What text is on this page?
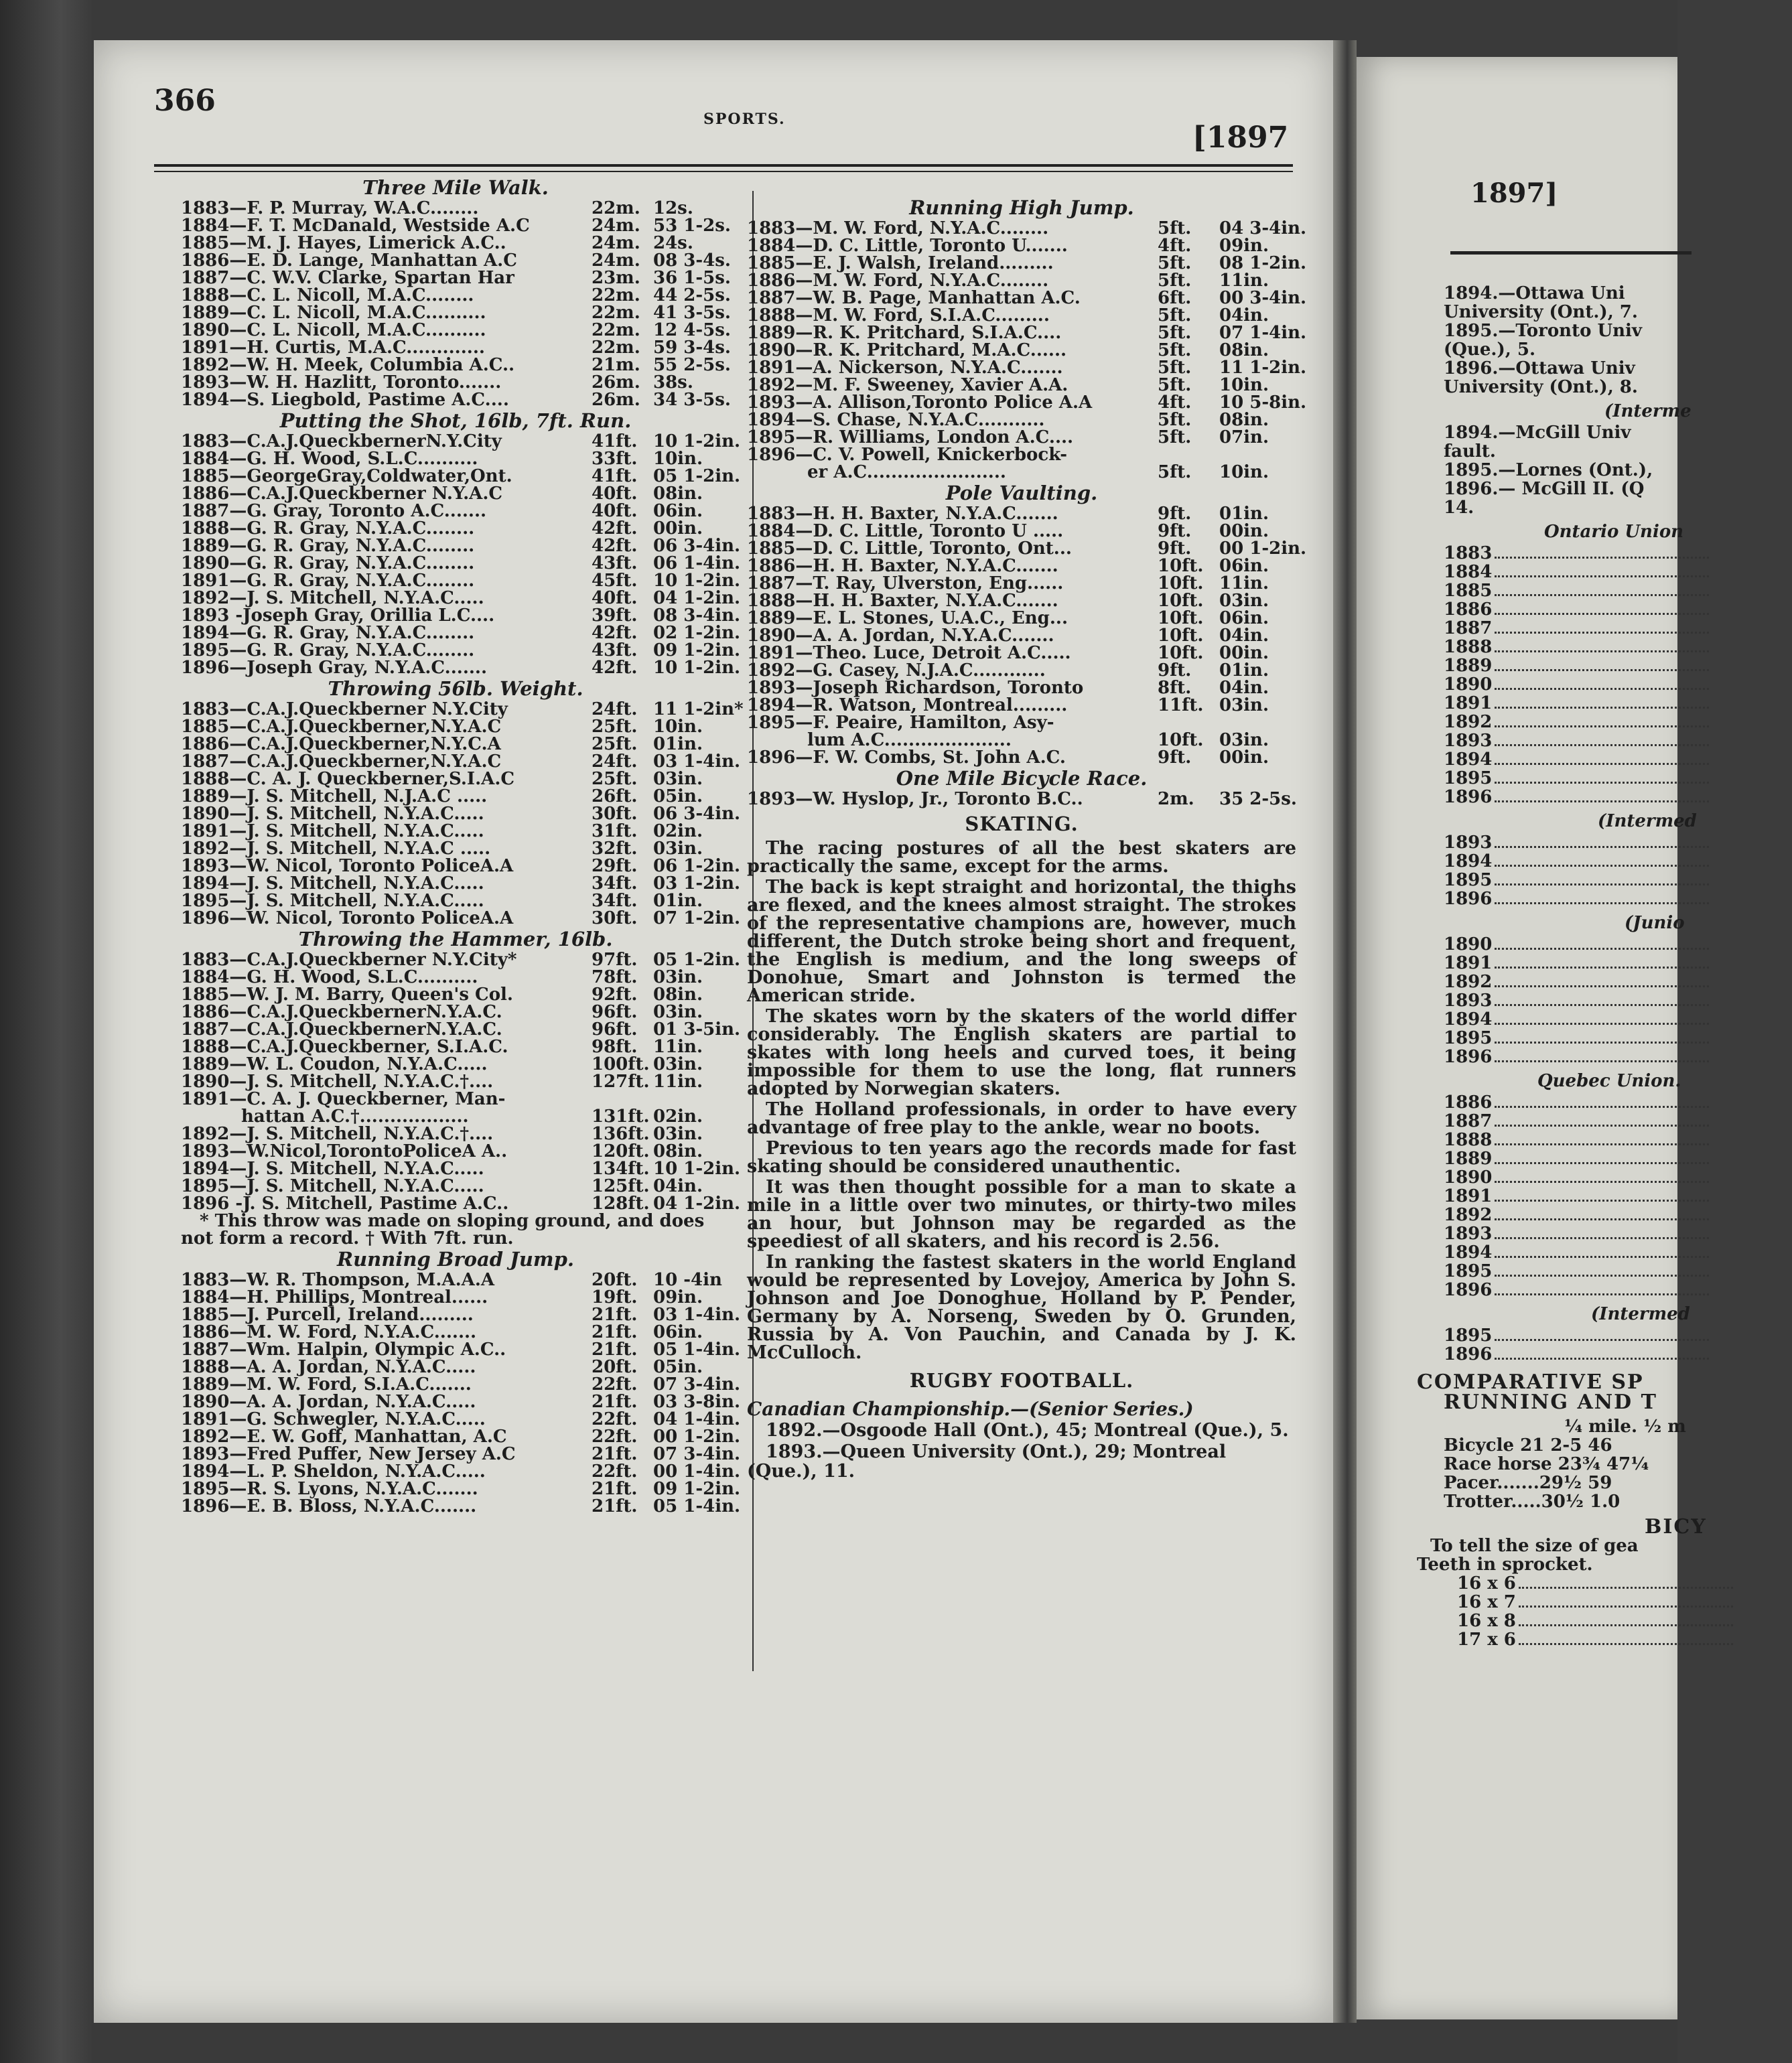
366
SPORTS.
[1897
Three Mile Walk.
1883—F. P. Murray, W.A.C........	22m. 12s.
1884—F. T. McDanald, Westside A.C	24m. 53 1-2s.
1885—M. J. Hayes, Limerick A.C..	24m. 24s.
1886—E. D. Lange, Manhattan A.C	24m. 08 3-4s.
1887—C. W.V. Clarke, Spartan Har	23m. 36 1-5s.
1888—C. L. Nicoll, M.A.C........	22m. 44 2-5s.
1889—C. L. Nicoll, M.A.C..........	22m. 41 3-5s.
1890—C. L. Nicoll, M.A.C..........	22m. 12 4-5s.
1891—H. Curtis, M.A.C.............	22m. 59 3-4s.
1892—W. H. Meek, Columbia A.C..	21m. 55 2-5s.
1893—W. H. Hazlitt, Toronto.......	26m. 38s.
1894—S. Liegbold, Pastime A.C....	26m. 34 3-5s.
Putting the Shot, 16lb, 7ft. Run.
1883—C.A.J.QueckbernerN.Y.City	41ft. 10 1-2in.
1884—G. H. Wood, S.L.C..........	33ft. 10in.
1885—GeorgeGray,Coldwater,Ont.	41ft. 05 1-2in.
1886—C.A.J.Queckberner N.Y.A.C	40ft. 08in.
1887—G. Gray, Toronto A.C.......	40ft. 06in.
1888—G. R. Gray, N.Y.A.C........	42ft. 00in.
1889—G. R. Gray, N.Y.A.C........	42ft. 06 3-4in.
1890—G. R. Gray, N.Y.A.C........	43ft. 06 1-4in.
1891—G. R. Gray, N.Y.A.C........	45ft. 10 1-2in.
1892—J. S. Mitchell, N.Y.A.C.....	40ft. 04 1-2in.
1893 -Joseph Gray, Orillia L.C....	39ft. 08 3-4in.
1894—G. R. Gray, N.Y.A.C........	42ft. 02 1-2in.
1895—G. R. Gray, N.Y.A.C........	43ft. 09 1-2in.
1896—Joseph Gray, N.Y.A.C.......	42ft. 10 1-2in.
Throwing 56lb. Weight.
1883—C.A.J.Queckberner N.Y.City	24ft. 11 1-2in*
1885—C.A.J.Queckberner,N.Y.A.C	25ft. 10in.
1886—C.A.J.Queckberner,N.Y.C.A	25ft. 01in.
1887—C.A.J.Queckberner,N.Y.A.C	24ft. 03 1-4in.
1888—C. A. J. Queckberner,S.I.A.C	25ft. 03in.
1889—J. S. Mitchell, N.J.A.C .....	26ft. 05in.
1890—J. S. Mitchell, N.Y.A.C.....	30ft. 06 3-4in.
1891—J. S. Mitchell, N.Y.A.C.....	31ft. 02in.
1892—J. S. Mitchell, N.Y.A.C .....	32ft. 03in.
1893—W. Nicol, Toronto PoliceA.A	29ft. 06 1-2in.
1894—J. S. Mitchell, N.Y.A.C.....	34ft. 03 1-2in.
1895—J. S. Mitchell, N.Y.A.C.....	34ft. 01in.
1896—W. Nicol, Toronto PoliceA.A	30ft. 07 1-2in.
Throwing the Hammer, 16lb.
1883—C.A.J.Queckberner N.Y.City*	97ft. 05 1-2in.
1884—G. H. Wood, S.L.C..........	78ft. 03in.
1885—W. J. M. Barry, Queen's Col.	92ft. 08in.
1886—C.A.J.QueckbernerN.Y.A.C.	96ft. 03in.
1887—C.A.J.QueckbernerN.Y.A.C.	96ft. 01 3-5in.
1888—C.A.J.Queckberner, S.I.A.C.	98ft. 11in.
1889—W. L. Coudon, N.Y.A.C.....	100ft. 03in.
1890—J. S. Mitchell, N.Y.A.C.†....	127ft. 11in.
1891—C. A. J. Queckberner, Man-
hattan A.C.†..................	131ft. 02in.
1892—J. S. Mitchell, N.Y.A.C.†....	136ft. 03in.
1893—W.Nicol,TorontoPoliceA A..	120ft. 08in.
1894—J. S. Mitchell, N.Y.A.C.....	134ft. 10 1-2in.
1895—J. S. Mitchell, N.Y.A.C.....	125ft. 04in.
1896 -J. S. Mitchell, Pastime A.C..	128ft. 04 1-2in.
* This throw was made on sloping ground, and does not form a record. † With 7ft. run.
Running Broad Jump.
1883—W. R. Thompson, M.A.A.A	20ft. 10 -4in
1884—H. Phillips, Montreal......	19ft. 09in.
1885—J. Purcell, Ireland.........	21ft. 03 1-4in.
1886—M. W. Ford, N.Y.A.C.......	21ft. 06in.
1887—Wm. Halpin, Olympic A.C..	21ft. 05 1-4in.
1888—A. A. Jordan, N.Y.A.C.....	20ft. 05in.
1889—M. W. Ford, S.I.A.C.......	22ft. 07 3-4in.
1890—A. A. Jordan, N.Y.A.C.....	21ft. 03 3-8in.
1891—G. Schwegler, N.Y.A.C.....	22ft. 04 1-4in.
1892—E. W. Goff, Manhattan, A.C	22ft. 00 1-2in.
1893—Fred Puffer, New Jersey A.C	21ft. 07 3-4in.
1894—L. P. Sheldon, N.Y.A.C.....	22ft. 00 1-4in.
1895—R. S. Lyons, N.Y.A.C.......	21ft. 09 1-2in.
1896—E. B. Bloss, N.Y.A.C.......	21ft. 05 1-4in.
Running High Jump.
1883—M. W. Ford, N.Y.A.C........	5ft.	04 3-4in.
1884—D. C. Little, Toronto U.......	4ft.	09in.
1885—E. J. Walsh, Ireland.........	5ft.	08 1-2in.
1886—M. W. Ford, N.Y.A.C........	5ft.	11in.
1887—W. B. Page, Manhattan A.C.	6ft.	00 3-4in.
1888—M. W. Ford, S.I.A.C.........	5ft.	04in.
1889—R. K. Pritchard, S.I.A.C....	5ft.	07 1-4in.
1890—R. K. Pritchard, M.A.C......	5ft.	08in.
1891—A. Nickerson, N.Y.A.C.......	5ft.	11 1-2in.
1892—M. F. Sweeney, Xavier A.A.	5ft.	10in.
1893—A. Allison,Toronto Police A.A	4ft.	10 5-8in.
1894—S. Chase, N.Y.A.C...........	5ft.	08in.
1895—R. Williams, London A.C....	5ft.	07in.
1896—C. V. Powell, Knickerbock-
er A.C.......................	5ft.	10in.
Pole Vaulting.
1883—H. H. Baxter, N.Y.A.C.......	9ft.	01in.
1884—D. C. Little, Toronto U .....	9ft.	00in.
1885—D. C. Little, Toronto, Ont...	9ft.	00 1-2in.
1886—H. H. Baxter, N.Y.A.C.......	10ft. 06in.
1887—T. Ray, Ulverston, Eng......	10ft. 11in.
1888—H. H. Baxter, N.Y.A.C.......	10ft. 03in.
1889—E. L. Stones, U.A.C., Eng...	10ft. 06in.
1890—A. A. Jordan, N.Y.A.C.......	10ft. 04in.
1891—Theo. Luce, Detroit A.C.....	10ft. 00in.
1892—G. Casey, N.J.A.C............	9ft.	01in.
1893—Joseph Richardson, Toronto	8ft.	04in.
1894—R. Watson, Montreal.........	11ft. 03in.
1895—F. Peaire, Hamilton, Asy-
lum A.C.....................	10ft. 03in.
1896—F. W. Combs, St. John A.C.	9ft.	00in.
One Mile Bicycle Race.
1893—W. Hyslop, Jr., Toronto B.C..	2m.	35 2-5s.
SKATING.
The racing postures of all the best skaters are practically the same, except for the arms.
The back is kept straight and horizontal, the thighs are flexed, and the knees almost straight. The strokes of the representative champions are, however, much different, the Dutch stroke being short and frequent, the English is medium, and the long sweeps of Donohue, Smart and Johnston is termed the American stride.
The skates worn by the skaters of the world differ considerably. The English skaters are partial to skates with long heels and curved toes, it being impossible for them to use the long, flat runners adopted by Norwegian skaters.
The Holland professionals, in order to have every advantage of free play to the ankle, wear no boots.
Previous to ten years ago the records made for fast skating should be considered unauthentic.
It was then thought possible for a man to skate a mile in a little over two minutes, or thirty-two miles an hour, but Johnson may be regarded as the speediest of all skaters, and his record is 2.56.
In ranking the fastest skaters in the world England would be represented by Lovejoy, America by John S. Johnson and Joe Donoghue, Holland by P. Pender, Germany by A. Norseng, Sweden by O. Grunden, Russia by A. Von Pauchin, and Canada by J. K. McCulloch.
RUGBY FOOTBALL.
Canadian Championship.—(Senior Series.)
1892.—Osgoode Hall (Ont.), 45; Montreal (Que.), 5.
1893.—Queen University (Ont.), 29; Montreal (Que.), 11.
1897]
1894.—Ottawa Uni
University (Ont.), 7.
1895.—Toronto Univ
(Que.), 5.
1896.—Ottawa Univ
University (Ont.), 8.
(Interme
1894.—McGill Univ
fault.
1895.—Lornes (Ont.),
1896.— McGill II. (Q
14.
Ontario Union
1883
1884
1885
1886
1887
1888
1889
1890
1891
1892
1893
1894
1895
1896
(Intermed
1893
1894
1895
1896
(Junio
1890
1891
1892
1893
1894
1895
1896
Quebec Union.
1886
1887
1888
1889
1890
1891
1892
1893
1894
1895
1896
(Intermed
1895
1896
COMPARATIVE SP
RUNNING AND T
¼ mile. ½ m
Bicycle 21 2-5 46
Race horse 23¾ 47¼
Pacer.......29½ 59
Trotter.....30½ 1.0
BICY
To tell the size of gea
Teeth in sprocket.
16 x 6
16 x 7
16 x 8
17 x 6
